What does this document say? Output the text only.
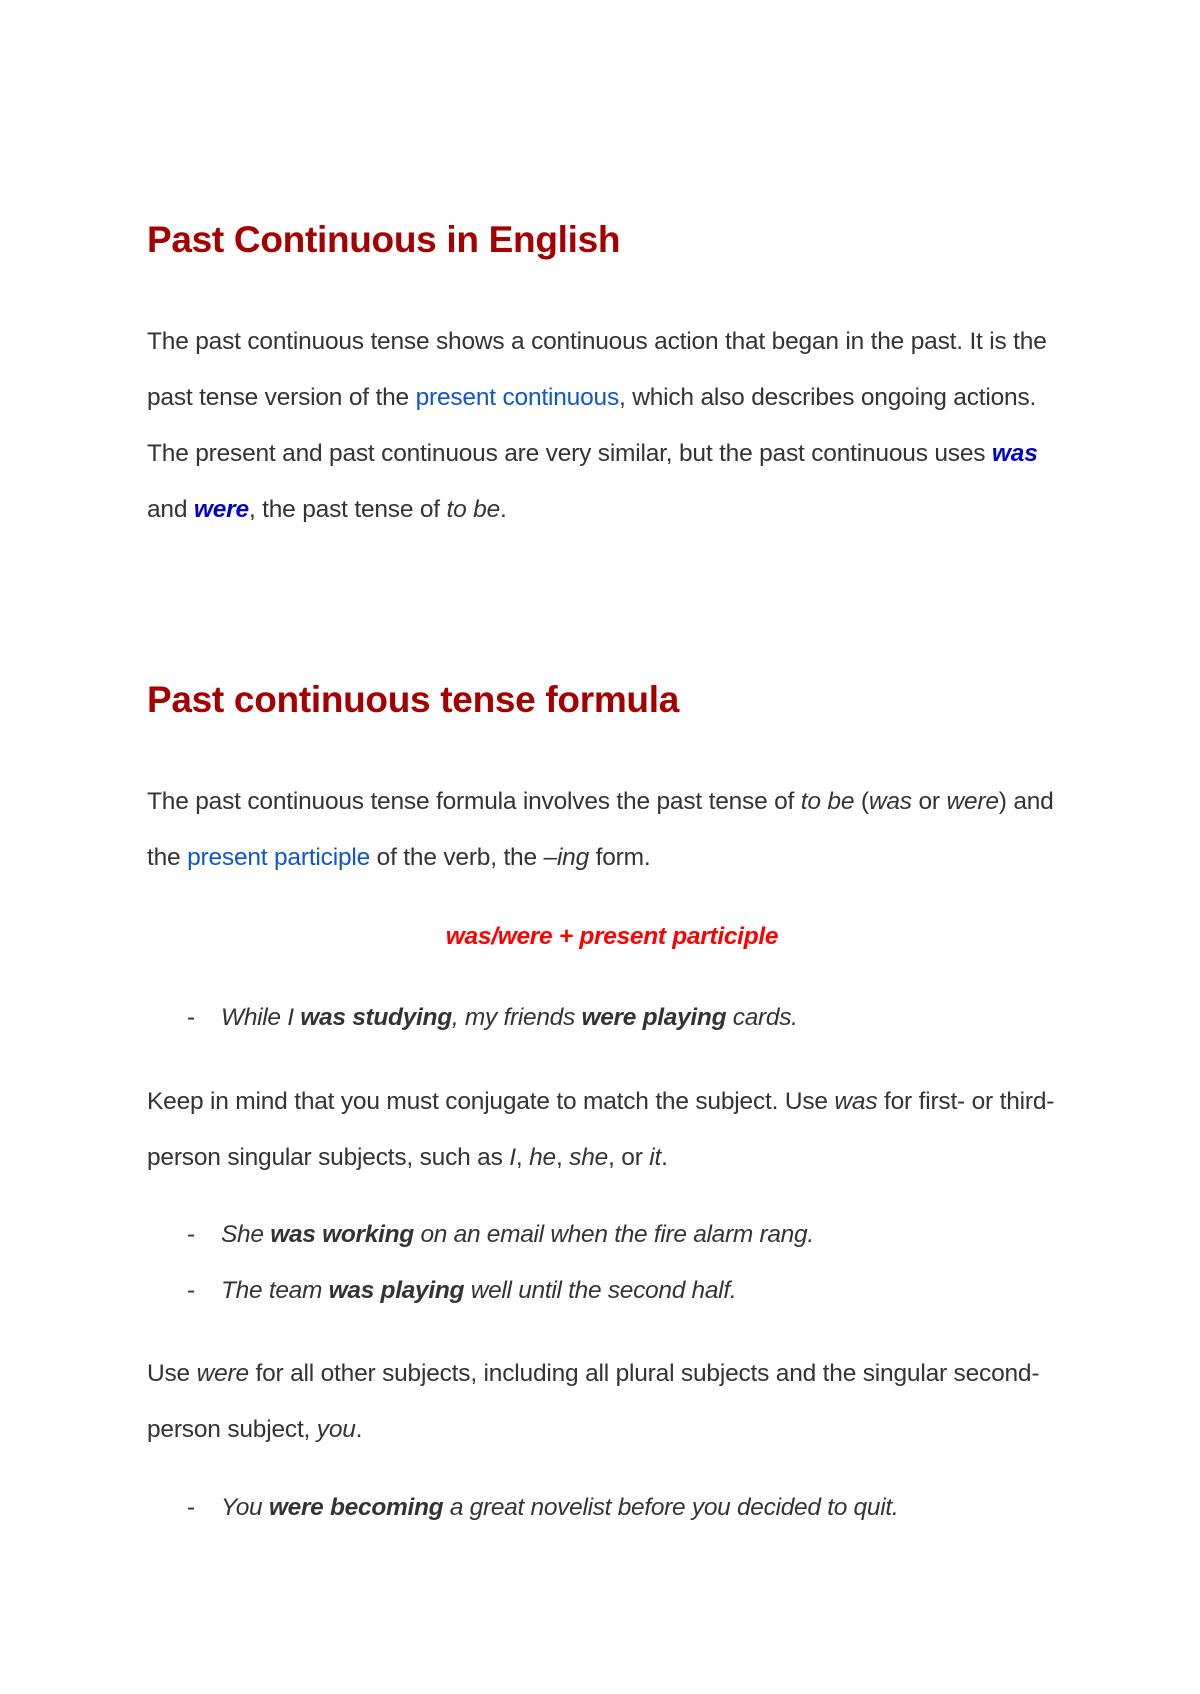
Past Continuous in English

The past continuous tense shows a continuous action that began in the past. It is the past tense version of the present continuous, which also describes ongoing actions. The present and past continuous are very similar, but the past continuous uses was and were, the past tense of to be.

Past continuous tense formula

The past continuous tense formula involves the past tense of to be (was or were) and the present participle of the verb, the –ing form.

was/were + present participle
- While I was studying, my friends were playing cards.

Keep in mind that you must conjugate to match the subject. Use was for first- or third-person singular subjects, such as I, he, she, or it.

- She was working on an email when the fire alarm rang.
- The team was playing well until the second half.

Use were for all other subjects, including all plural subjects and the singular second-person subject, you.

- You were becoming a great novelist before you decided to quit.
